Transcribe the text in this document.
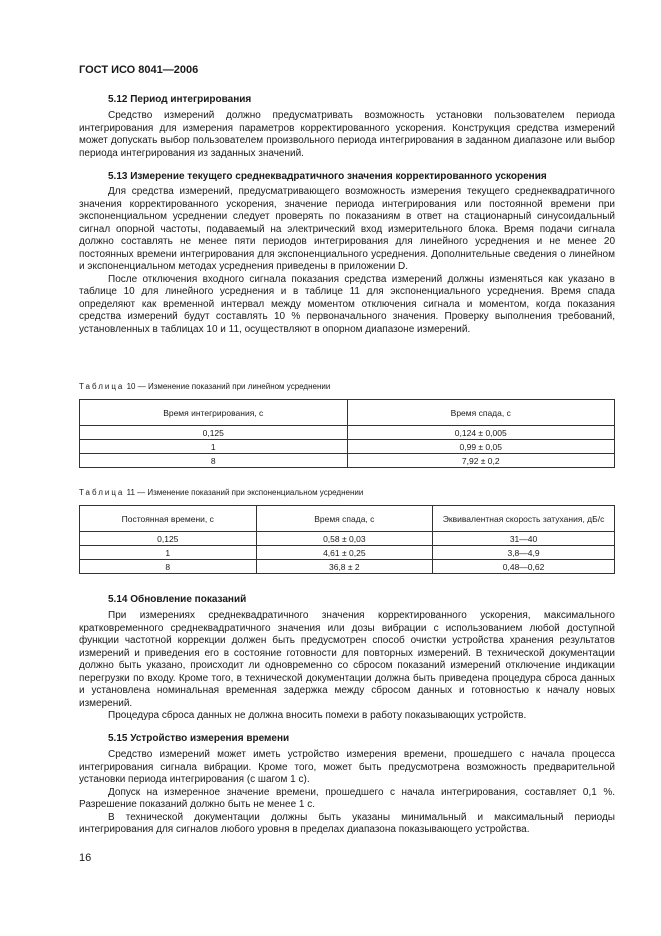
ГОСТ ИСО 8041—2006
5.12 Период интегрирования

Средство измерений должно предусматривать возможность установки пользователем периода интегрирования для измерения параметров корректированного ускорения. Конструкция средства измерений может допускать выбор пользователем произвольного периода интегрирования в заданном диапазоне или выбор периода интегрирования из заданных значений.

5.13 Измерение текущего среднеквадратичного значения корректированного ускорения

Для средства измерений, предусматривающего возможность измерения текущего среднеквадратичного значения корректированного ускорения, значение периода интегрирования или постоянной времени при экспоненциальном усреднении следует проверять по показаниям в ответ на стационарный синусоидальный сигнал опорной частоты, подаваемый на электрический вход измерительного блока. Время подачи сигнала должно составлять не менее пяти периодов интегрирования для линейного усреднения и не менее 20 постоянных времени интегрирования для экспоненциального усреднения. Дополнительные сведения о линейном и экспоненциальном методах усреднения приведены в приложении D.

После отключения входного сигнала показания средства измерений должны изменяться как указано в таблице 10 для линейного усреднения и в таблице 11 для экспоненциального усреднения. Время спада определяют как временной интервал между моментом отключения сигнала и моментом, когда показания средства измерений будут составлять 10 % первоначального значения. Проверку выполнения требований, установленных в таблицах 10 и 11, осуществляют в опорном диапазоне измерений.

Таблица 10 — Изменение показаний при линейном усреднении
Время интегрирования, с	Время спада, с
0,125	0,124 ± 0,005
1	0,99 ± 0,05
8	7,92 ± 0,2
Таблица 11 — Изменение показаний при экспоненциальном усреднении
Постоянная времени, с	Время спада, с	Эквивалентная скорость затухания, дБ/с
0,125	0,58 ± 0,03	31—40
1	4,61 ± 0,25	3,8—4,9
8	36,8 ± 2	0,48—0,62
5.14 Обновление показаний

При измерениях среднеквадратичного значения корректированного ускорения, максимального кратковременного среднеквадратичного значения или дозы вибрации с использованием любой доступной функции частотной коррекции должен быть предусмотрен способ очистки устройства хранения результатов измерений и приведения его в состояние готовности для повторных измерений. В технической документации должно быть указано, происходит ли одновременно со сбросом показаний измерений отключение индикации перегрузки по входу. Кроме того, в технической документации должна быть приведена процедура сброса данных и установлена номинальная временная задержка между сбросом данных и готовностью к началу новых измерений.

Процедура сброса данных не должна вносить помехи в работу показывающих устройств.

5.15 Устройство измерения времени

Средство измерений может иметь устройство измерения времени, прошедшего с начала процесса интегрирования сигнала вибрации. Кроме того, может быть предусмотрена возможность предварительной установки периода интегрирования (с шагом 1 с).

Допуск на измеренное значение времени, прошедшего с начала интегрирования, составляет 0,1 %. Разрешение показаний должно быть не менее 1 с.

В технической документации должны быть указаны минимальный и максимальный периоды интегрирования для сигналов любого уровня в пределах диапазона показывающего устройства.

16
